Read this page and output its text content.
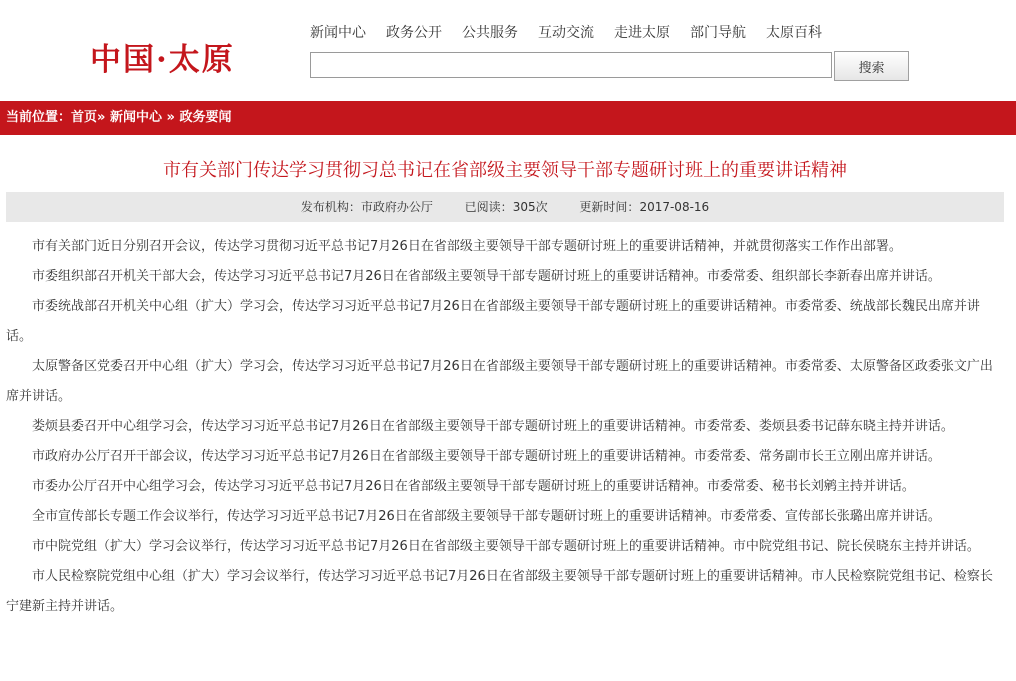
中国·太原
新闻中心 政务公开 公共服务 互动交流 走进太原 部门导航 太原百科
搜索
当前位置：首页» 新闻中心 » 政务要闻
市有关部门传达学习贯彻习总书记在省部级主要领导干部专题研讨班上的重要讲话精神
发布机构：市政府办公厅	已阅读：305次	更新时间：2017-08-16

市有关部门近日分别召开会议，传达学习贯彻习近平总书记7月26日在省部级主要领导干部专题研讨班上的重要讲话精神，并就贯彻落实工作作出部署。

市委组织部召开机关干部大会，传达学习习近平总书记7月26日在省部级主要领导干部专题研讨班上的重要讲话精神。市委常委、组织部长李新春出席并讲话。

市委统战部召开机关中心组（扩大）学习会，传达学习习近平总书记7月26日在省部级主要领导干部专题研讨班上的重要讲话精神。市委常委、统战部长魏民出席并讲话。

太原警备区党委召开中心组（扩大）学习会，传达学习习近平总书记7月26日在省部级主要领导干部专题研讨班上的重要讲话精神。市委常委、太原警备区政委张文广出席并讲话。

娄烦县委召开中心组学习会，传达学习习近平总书记7月26日在省部级主要领导干部专题研讨班上的重要讲话精神。市委常委、娄烦县委书记薛东晓主持并讲话。

市政府办公厅召开干部会议，传达学习习近平总书记7月26日在省部级主要领导干部专题研讨班上的重要讲话精神。市委常委、常务副市长王立刚出席并讲话。

市委办公厅召开中心组学习会，传达学习习近平总书记7月26日在省部级主要领导干部专题研讨班上的重要讲话精神。市委常委、秘书长刘鹓主持并讲话。

全市宣传部长专题工作会议举行，传达学习习近平总书记7月26日在省部级主要领导干部专题研讨班上的重要讲话精神。市委常委、宣传部长张璐出席并讲话。

市中院党组（扩大）学习会议举行，传达学习习近平总书记7月26日在省部级主要领导干部专题研讨班上的重要讲话精神。市中院党组书记、院长侯晓东主持并讲话。

市人民检察院党组中心组（扩大）学习会议举行，传达学习习近平总书记7月26日在省部级主要领导干部专题研讨班上的重要讲话精神。市人民检察院党组书记、检察长宁建新主持并讲话。
